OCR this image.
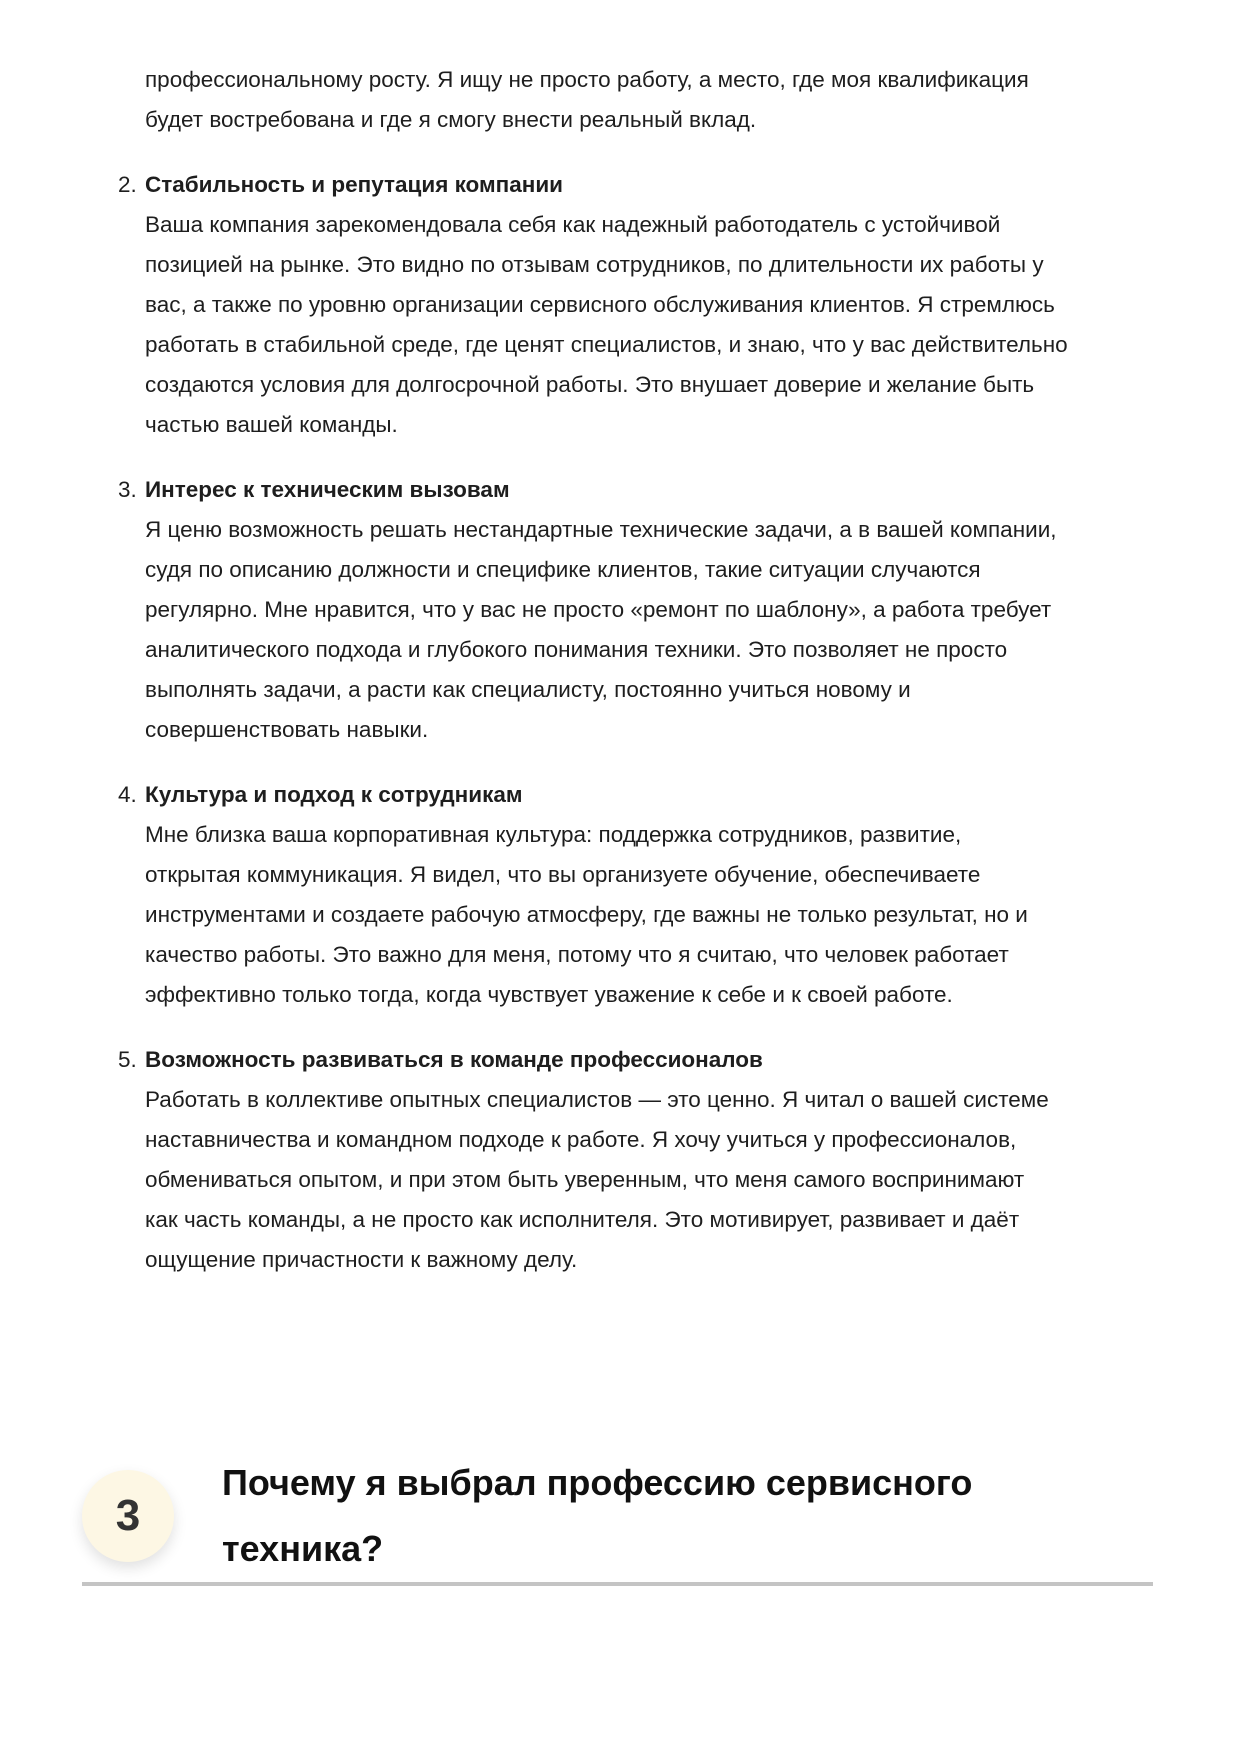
профессиональному росту. Я ищу не просто работу, а место, где моя квалификация
будет востребована и где я смогу внести реальный вклад.
2. Стабильность и репутация компании
Ваша компания зарекомендовала себя как надежный работодатель с устойчивой
позицией на рынке. Это видно по отзывам сотрудников, по длительности их работы у
вас, а также по уровню организации сервисного обслуживания клиентов. Я стремлюсь
работать в стабильной среде, где ценят специалистов, и знаю, что у вас действительно
создаются условия для долгосрочной работы. Это внушает доверие и желание быть
частью вашей команды.
3. Интерес к техническим вызовам
Я ценю возможность решать нестандартные технические задачи, а в вашей компании,
судя по описанию должности и специфике клиентов, такие ситуации случаются
регулярно. Мне нравится, что у вас не просто «ремонт по шаблону», а работа требует
аналитического подхода и глубокого понимания техники. Это позволяет не просто
выполнять задачи, а расти как специалисту, постоянно учиться новому и
совершенствовать навыки.
4. Культура и подход к сотрудникам
Мне близка ваша корпоративная культура: поддержка сотрудников, развитие,
открытая коммуникация. Я видел, что вы организуете обучение, обеспечиваете
инструментами и создаете рабочую атмосферу, где важны не только результат, но и
качество работы. Это важно для меня, потому что я считаю, что человек работает
эффективно только тогда, когда чувствует уважение к себе и к своей работе.
5. Возможность развиваться в команде профессионалов
Работать в коллективе опытных специалистов — это ценно. Я читал о вашей системе
наставничества и командном подходе к работе. Я хочу учиться у профессионалов,
обмениваться опытом, и при этом быть уверенным, что меня самого воспринимают
как часть команды, а не просто как исполнителя. Это мотивирует, развивает и даёт
ощущение причастности к важному делу.
3
Почему я выбрал профессию сервисного
техника?
